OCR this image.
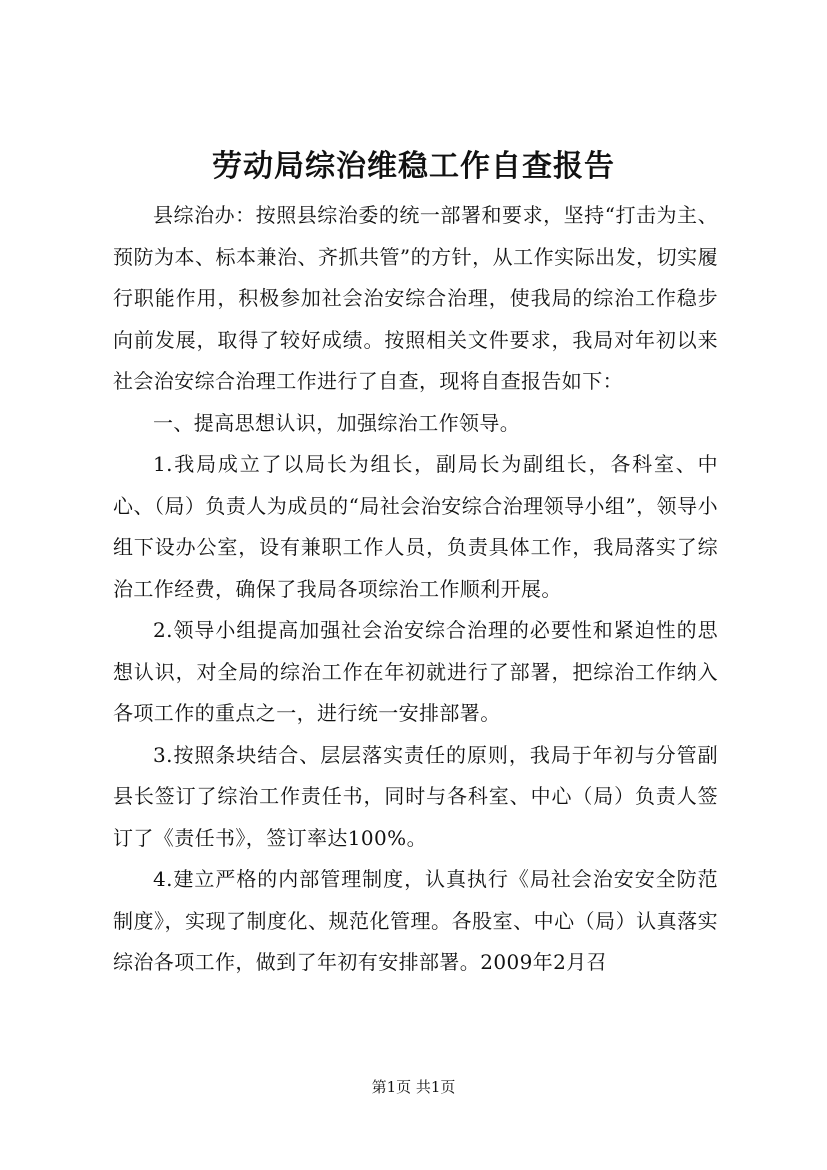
劳动局综治维稳工作自查报告

县综治办：按照县综治委的统一部署和要求，坚持“打击为主、预防为本、标本兼治、齐抓共管”的方针，从工作实际出发，切实履行职能作用，积极参加社会治安综合治理，使我局的综治工作稳步向前发展，取得了较好成绩。按照相关文件要求，我局对年初以来社会治安综合治理工作进行了自查，现将自查报告如下：

一、提高思想认识，加强综治工作领导。

1.我局成立了以局长为组长，副局长为副组长，各科室、中心、（局）负责人为成员的“局社会治安综合治理领导小组”，领导小组下设办公室，设有兼职工作人员，负责具体工作，我局落实了综治工作经费，确保了我局各项综治工作顺利开展。

2.领导小组提高加强社会治安综合治理的必要性和紧迫性的思想认识，对全局的综治工作在年初就进行了部署，把综治工作纳入各项工作的重点之一，进行统一安排部署。

3.按照条块结合、层层落实责任的原则，我局于年初与分管副县长签订了综治工作责任书，同时与各科室、中心（局）负责人签订了《责任书》，签订率达100%。

4.建立严格的内部管理制度，认真执行《局社会治安安全防范制度》，实现了制度化、规范化管理。各股室、中心（局）认真落实综治各项工作，做到了年初有安排部署。2009年2月召

第1页 共1页
